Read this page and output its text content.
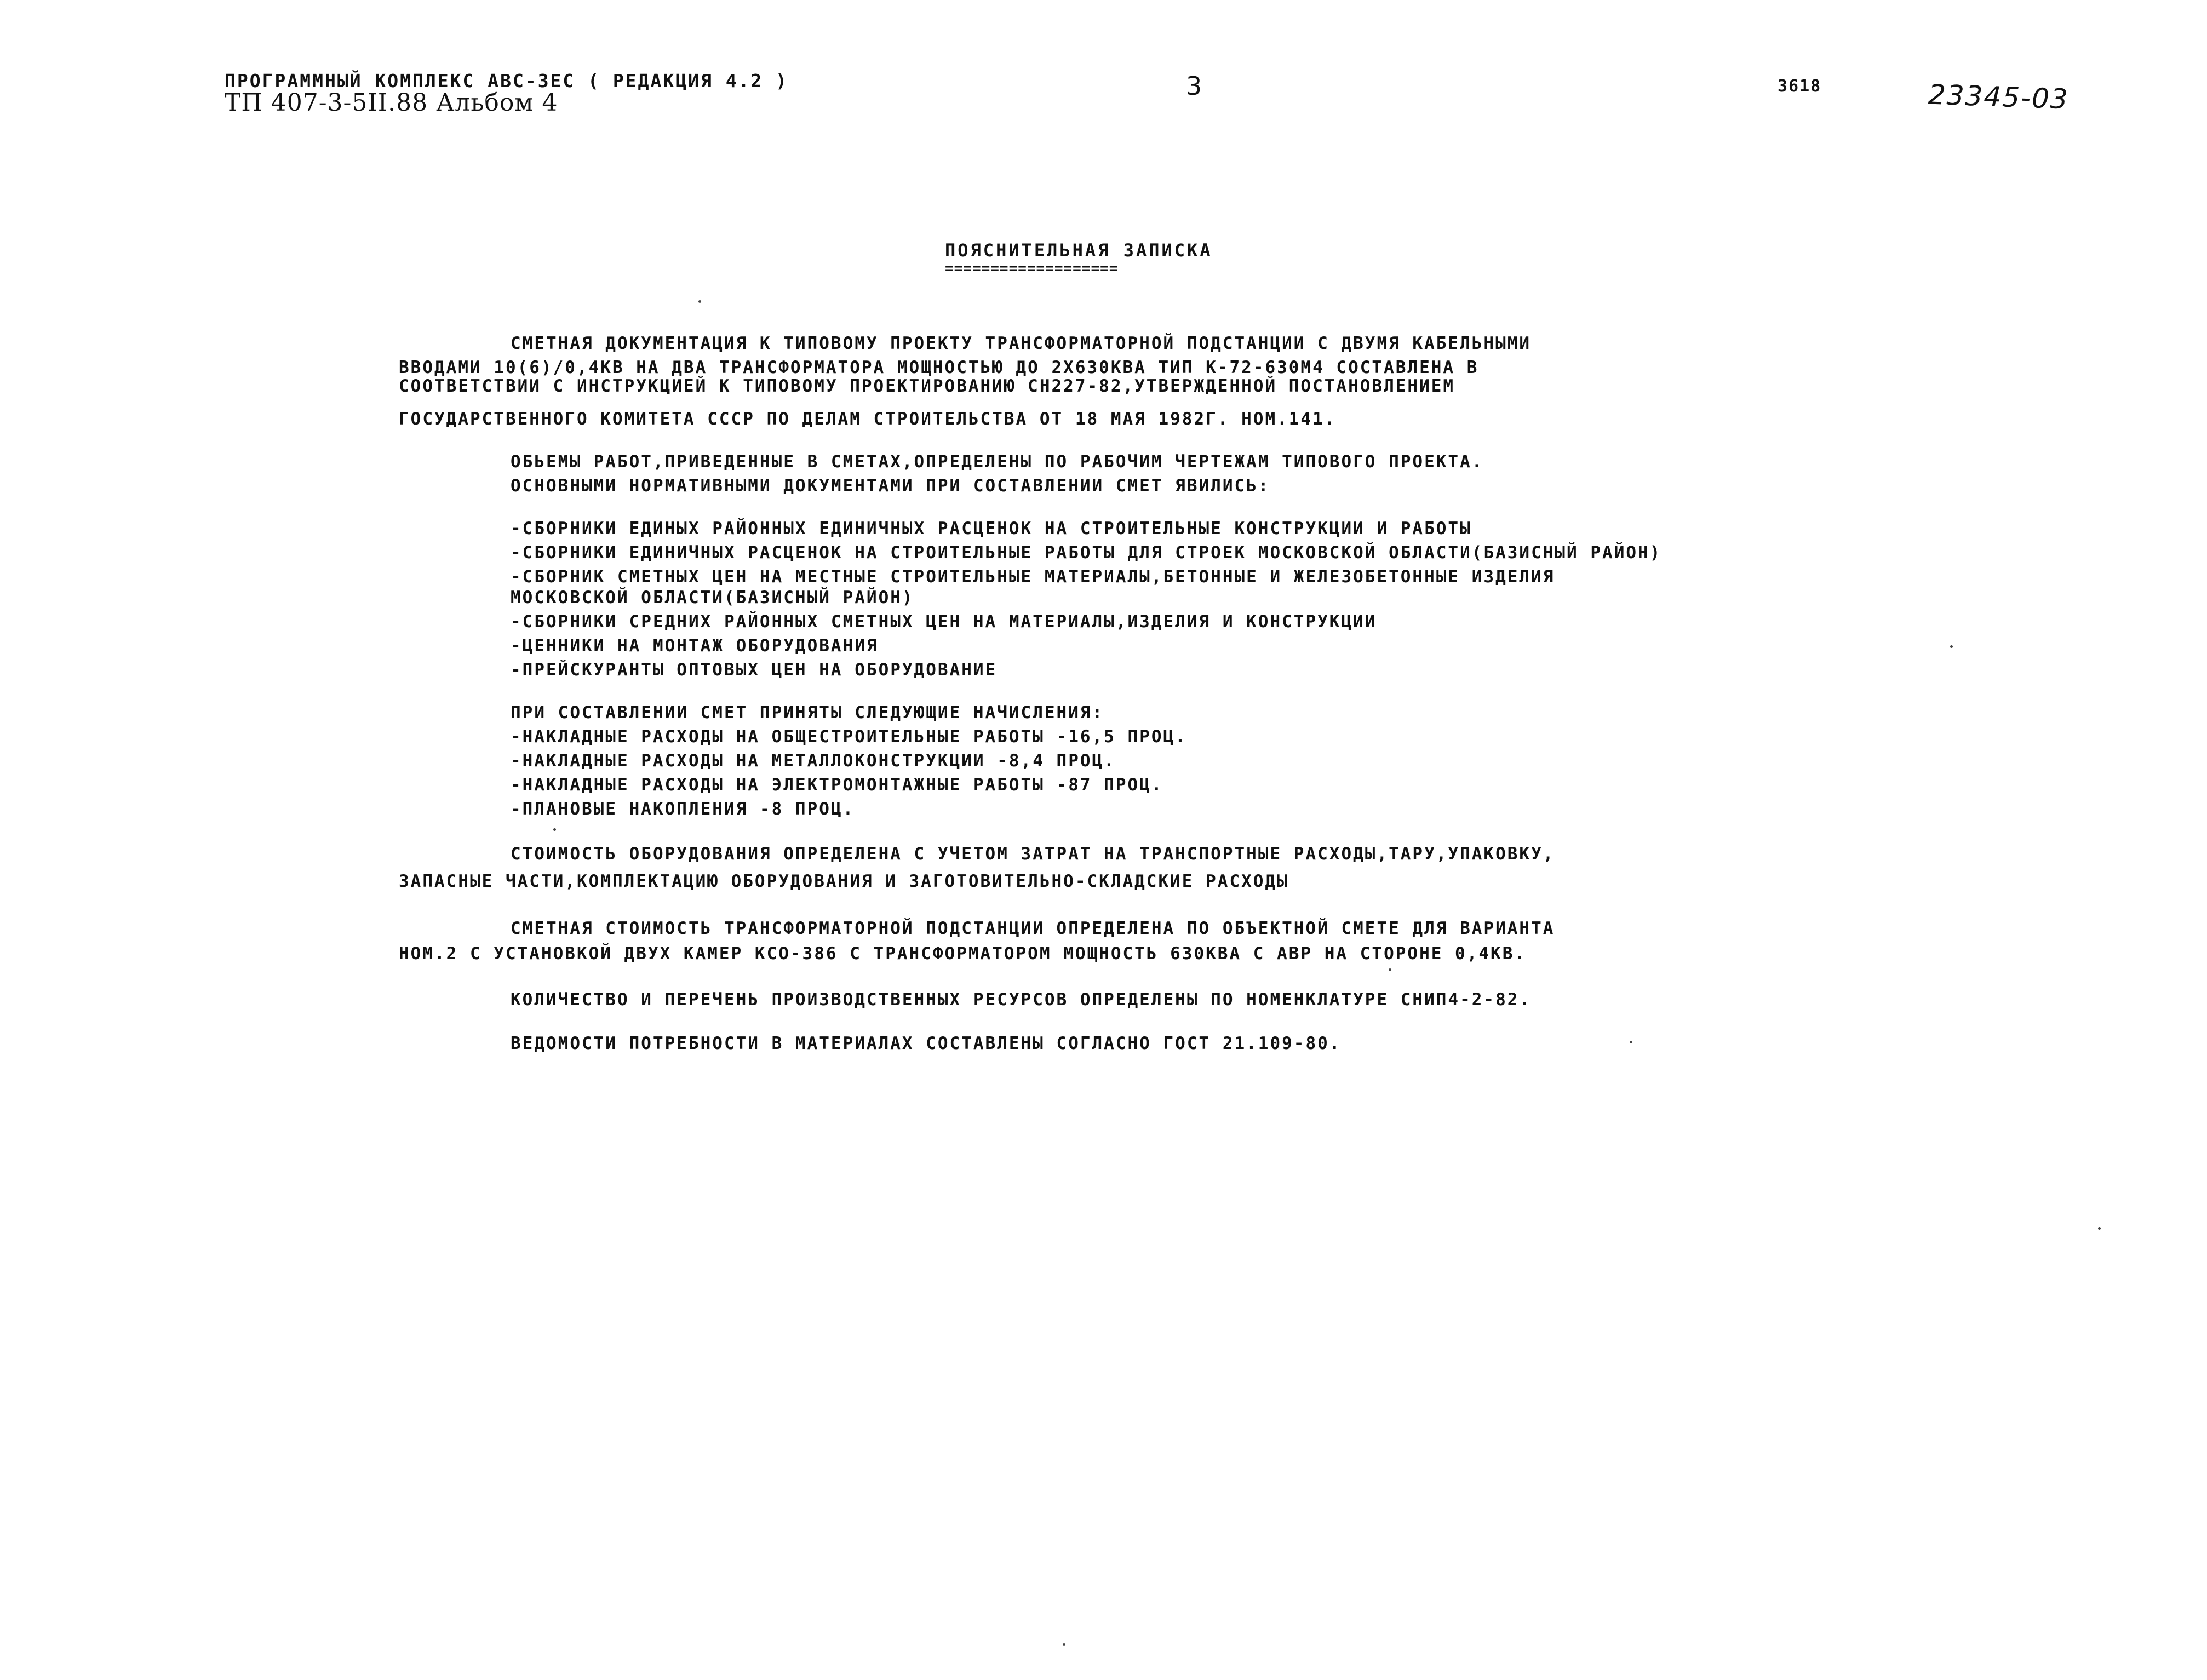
ПРОГРАММНЫЙ КОМПЛЕКС АВС-3ЕС ( РЕДАКЦИЯ 4.2 )
ТП 407-3-5II.88 Альбом 4
3	3618	23345-03
ПОЯСНИТЕЛЬНАЯ ЗАПИСКА
===================
СМЕТНАЯ ДОКУМЕНТАЦИЯ К ТИПОВОМУ ПРОЕКТУ ТРАНСФОРМАТОРНОЙ ПОДСТАНЦИИ С ДВУМЯ КАБЕЛЬНЫМИ
ВВОДАМИ 10(6)/0,4КВ НА ДВА ТРАНСФОРМАТОРА МОЩНОСТЬЮ ДО 2Х630КВА ТИП К-72-630М4 СОСТАВЛЕНА В
СООТВЕТСТВИИ С ИНСТРУКЦИЕЙ К ТИПОВОМУ ПРОЕКТИРОВАНИЮ СН227-82,УТВЕРЖДЕННОЙ ПОСТАНОВЛЕНИЕМ
ГОСУДАРСТВЕННОГО КОМИТЕТА СССР ПО ДЕЛАМ СТРОИТЕЛЬСТВА ОТ 18 МАЯ 1982Г. НОМ.141.
ОБЬЕМЫ РАБОТ,ПРИВЕДЕННЫЕ В СМЕТАХ,ОПРЕДЕЛЕНЫ ПО РАБОЧИМ ЧЕРТЕЖАМ ТИПОВОГО ПРОЕКТА.
ОСНОВНЫМИ НОРМАТИВНЫМИ ДОКУМЕНТАМИ ПРИ СОСТАВЛЕНИИ СМЕТ ЯВИЛИСЬ:
-СБОРНИКИ ЕДИНЫХ РАЙОННЫХ ЕДИНИЧНЫХ РАСЦЕНОК НА СТРОИТЕЛЬНЫЕ КОНСТРУКЦИИ И РАБОТЫ
-СБОРНИКИ ЕДИНИЧНЫХ РАСЦЕНОК НА СТРОИТЕЛЬНЫЕ РАБОТЫ ДЛЯ СТРОЕК МОСКОВСКОЙ ОБЛАСТИ(БАЗИСНЫЙ РАЙОН)
-СБОРНИК СМЕТНЫХ ЦЕН НА МЕСТНЫЕ СТРОИТЕЛЬНЫЕ МАТЕРИАЛЫ,БЕТОННЫЕ И ЖЕЛЕЗОБЕТОННЫЕ ИЗДЕЛИЯ
МОСКОВСКОЙ ОБЛАСТИ(БАЗИСНЫЙ РАЙОН)
-СБОРНИКИ СРЕДНИХ РАЙОННЫХ СМЕТНЫХ ЦЕН НА МАТЕРИАЛЫ,ИЗДЕЛИЯ И КОНСТРУКЦИИ
-ЦЕННИКИ НА МОНТАЖ ОБОРУДОВАНИЯ
-ПРЕЙСКУРАНТЫ ОПТОВЫХ ЦЕН НА ОБОРУДОВАНИЕ
ПРИ СОСТАВЛЕНИИ СМЕТ ПРИНЯТЫ СЛЕДУЮЩИЕ НАЧИСЛЕНИЯ:
-НАКЛАДНЫЕ РАСХОДЫ НА ОБЩЕСТРОИТЕЛЬНЫЕ РАБОТЫ -16,5 ПРОЦ.
-НАКЛАДНЫЕ РАСХОДЫ НА МЕТАЛЛОКОНСТРУКЦИИ -8,4 ПРОЦ.
-НАКЛАДНЫЕ РАСХОДЫ НА ЭЛЕКТРОМОНТАЖНЫЕ РАБОТЫ -87 ПРОЦ.
-ПЛАНОВЫЕ НАКОПЛЕНИЯ -8 ПРОЦ.
СТОИМОСТЬ ОБОРУДОВАНИЯ ОПРЕДЕЛЕНА С УЧЕТОМ ЗАТРАТ НА ТРАНСПОРТНЫЕ РАСХОДЫ,ТАРУ,УПАКОВКУ,
ЗАПАСНЫЕ ЧАСТИ,КОМПЛЕКТАЦИЮ ОБОРУДОВАНИЯ И ЗАГОТОВИТЕЛЬНО-СКЛАДСКИЕ РАСХОДЫ
СМЕТНАЯ СТОИМОСТЬ ТРАНСФОРМАТОРНОЙ ПОДСТАНЦИИ ОПРЕДЕЛЕНА ПО ОБЪЕКТНОЙ СМЕТЕ ДЛЯ ВАРИАНТА
НОМ.2 С УСТАНОВКОЙ ДВУХ КАМЕР КСО-386 С ТРАНСФОРМАТОРОМ МОЩНОСТЬ 630КВА С АВР НА СТОРОНЕ 0,4КВ.
КОЛИЧЕСТВО И ПЕРЕЧЕНЬ ПРОИЗВОДСТВЕННЫХ РЕСУРСОВ ОПРЕДЕЛЕНЫ ПО НОМЕНКЛАТУРЕ СНИП4-2-82.
ВЕДОМОСТИ ПОТРЕБНОСТИ В МАТЕРИАЛАХ СОСТАВЛЕНЫ СОГЛАСНО ГОСТ 21.109-80.
